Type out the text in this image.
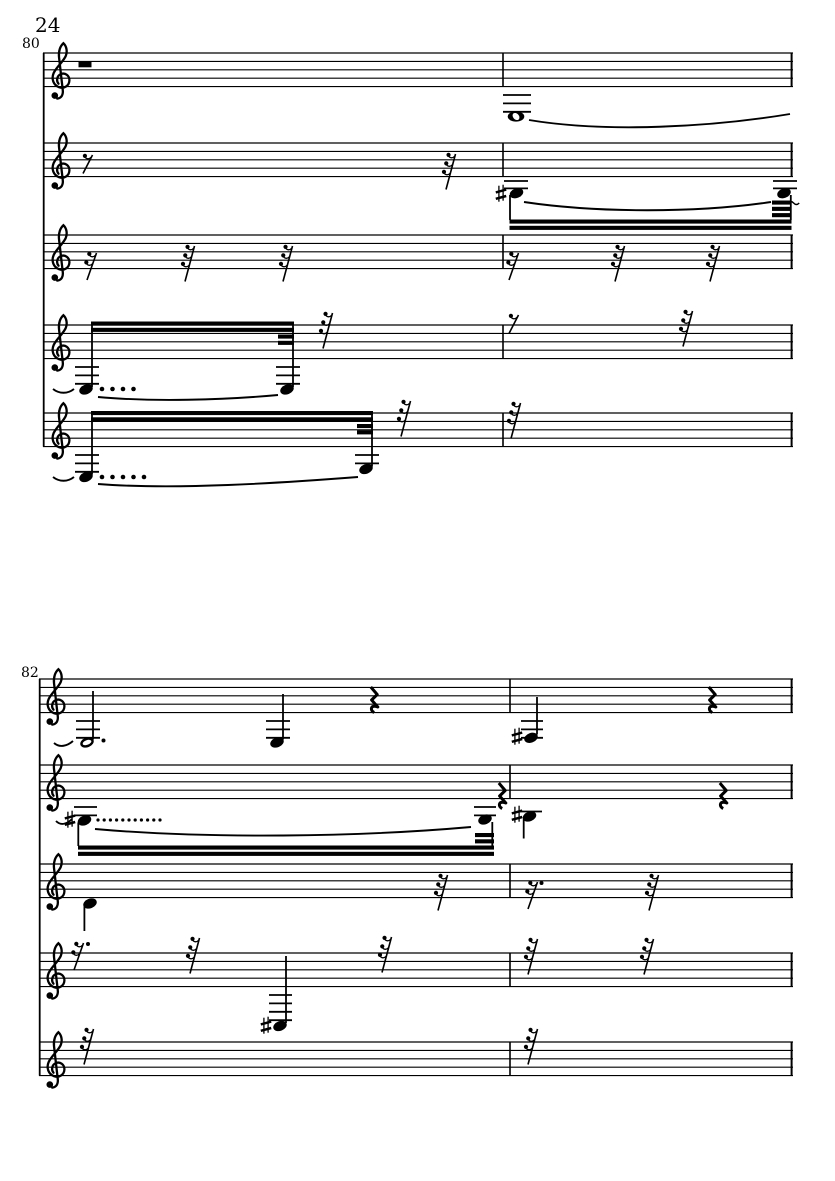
24
80
82
